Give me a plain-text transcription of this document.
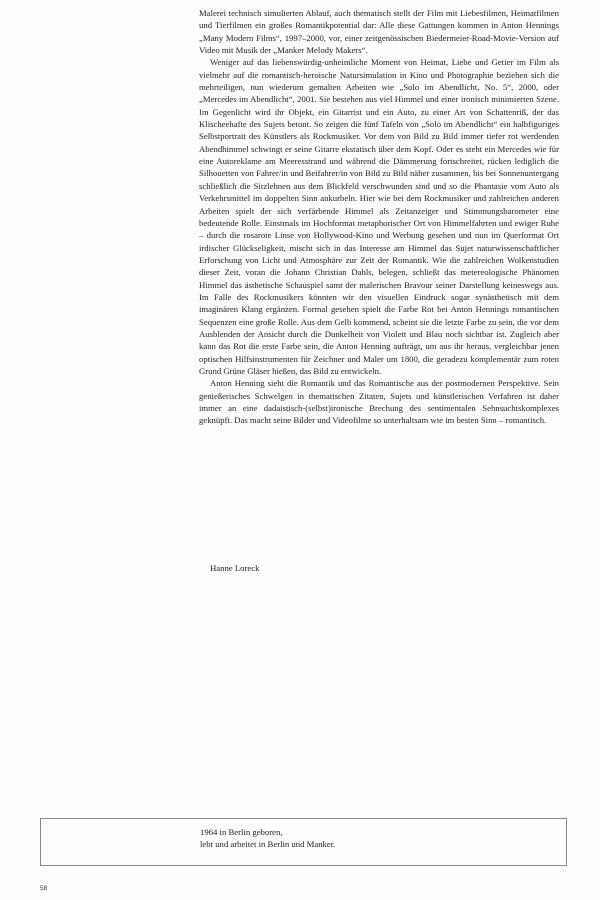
Malerei technisch simulierten Ablauf, auch thematisch stellt der Film mit Liebesfilmen, Heimatfilmen und Tierfilmen ein großes Romantikpotential dar: Alle diese Gattungen kommen in Anton Hennings „Many Modern Films“, 1997–2000, vor, einer zeitgenössischen Biedermeier-Road-Movie-Version auf Video mit Musik der „Manker Melody Makers“.

Weniger auf das liebenswürdig-unheimliche Moment von Heimat, Liebe und Getier im Film als vielmehr auf die romantisch-heroische Natursimulation in Kino und Photographie beziehen sich die mehrteiligen, nun wiederum gemalten Arbeiten wie „Solo im Abendlicht, No. 5“, 2000, oder „Mercedes im Abendlicht“, 2001. Sie bestehen aus viel Himmel und einer ironisch minimierten Szene. Im Gegenlicht wird ihr Objekt, ein Gitarrist und ein Auto, zu einer Art von Schattenriß, der das Klischeehafte des Sujets betont. So zeigen die fünf Tafeln von „Solo im Abendlicht“ ein halbfiguriges Selbstportrait des Künstlers als Rockmusiker. Vor dem von Bild zu Bild immer tiefer rot werdenden Abendhimmel schwingt er seine Gitarre ekstatisch über dem Kopf. Oder es steht ein Mercedes wie für eine Autoreklame am Meeresstrand und während die Dämmerung fortschreitet, rücken lediglich die Silhouetten von Fahrer/in und Beifahrer/in von Bild zu Bild näher zusammen, bis bei Sonnenuntergang schließlich die Sitzlehnen aus dem Blickfeld verschwunden sind und so die Phantasie vom Auto als Verkehrsmittel im doppelten Sinn ankurbeln. Hier wie bei dem Rockmusiker und zahlreichen anderen Arbeiten spielt der sich verfärbende Himmel als Zeitanzeiger und Stimmungsbarometer eine bedeutende Rolle. Einstmals im Hochformat metaphorischer Ort von Himmelfahrten und ewiger Ruhe – durch die rosarote Linse von Hollywood-Kino und Werbung gesehen und nun im Querformat Ort irdischer Glückseligkeit, mischt sich in das Interesse am Himmel das Sujet naturwissenschaftlicher Erforschung von Licht und Atmosphäre zur Zeit der Romantik. Wie die zahlreichen Wolkenstudien dieser Zeit, voran die Johann Christian Dahls, belegen, schließt das metereologische Phänomen Himmel das ästhetische Schauspiel samt der malerischen Bravour seiner Darstellung keineswegs aus. Im Falle des Rockmusikers könnten wir den visuellen Eindruck sogar synästhetisch mit dem imaginären Klang ergänzen. Formal gesehen spielt die Farbe Rot bei Anton Hennings romantischen Sequenzen eine große Rolle. Aus dem Gelb kommend, scheint sie die letzte Farbe zu sein, die vor dem Ausblenden der Ansicht durch die Dunkelheit von Violett und Blau noch sichtbar ist. Zugleich aber kann das Rot die erste Farbe sein, die Anton Henning aufträgt, um aus ihr heraus, vergleichbar jenen optischen Hilfsinstrumenten für Zeichner und Maler um 1800, die geradezu komplementär zum roten Grund Grüne Gläser hießen, das Bild zu entwickeln.

Anton Henning sieht die Romantik und das Romantische aus der postmodernen Perspektive. Sein genießerisches Schwelgen in thematischen Zitaten, Sujets und künstlerischen Verfahren ist daher immer an eine dadaistisch-(selbst)ironische Brechung des sentimentalen Sehnsuchtskomplexes geknüpft. Das macht seine Bilder und Videofilme so unterhaltsam wie im besten Sinn – romantisch.

Hanne Loreck
1964 in Berlin geboren,
lebt und arbeitet in Berlin und Manker.
58
